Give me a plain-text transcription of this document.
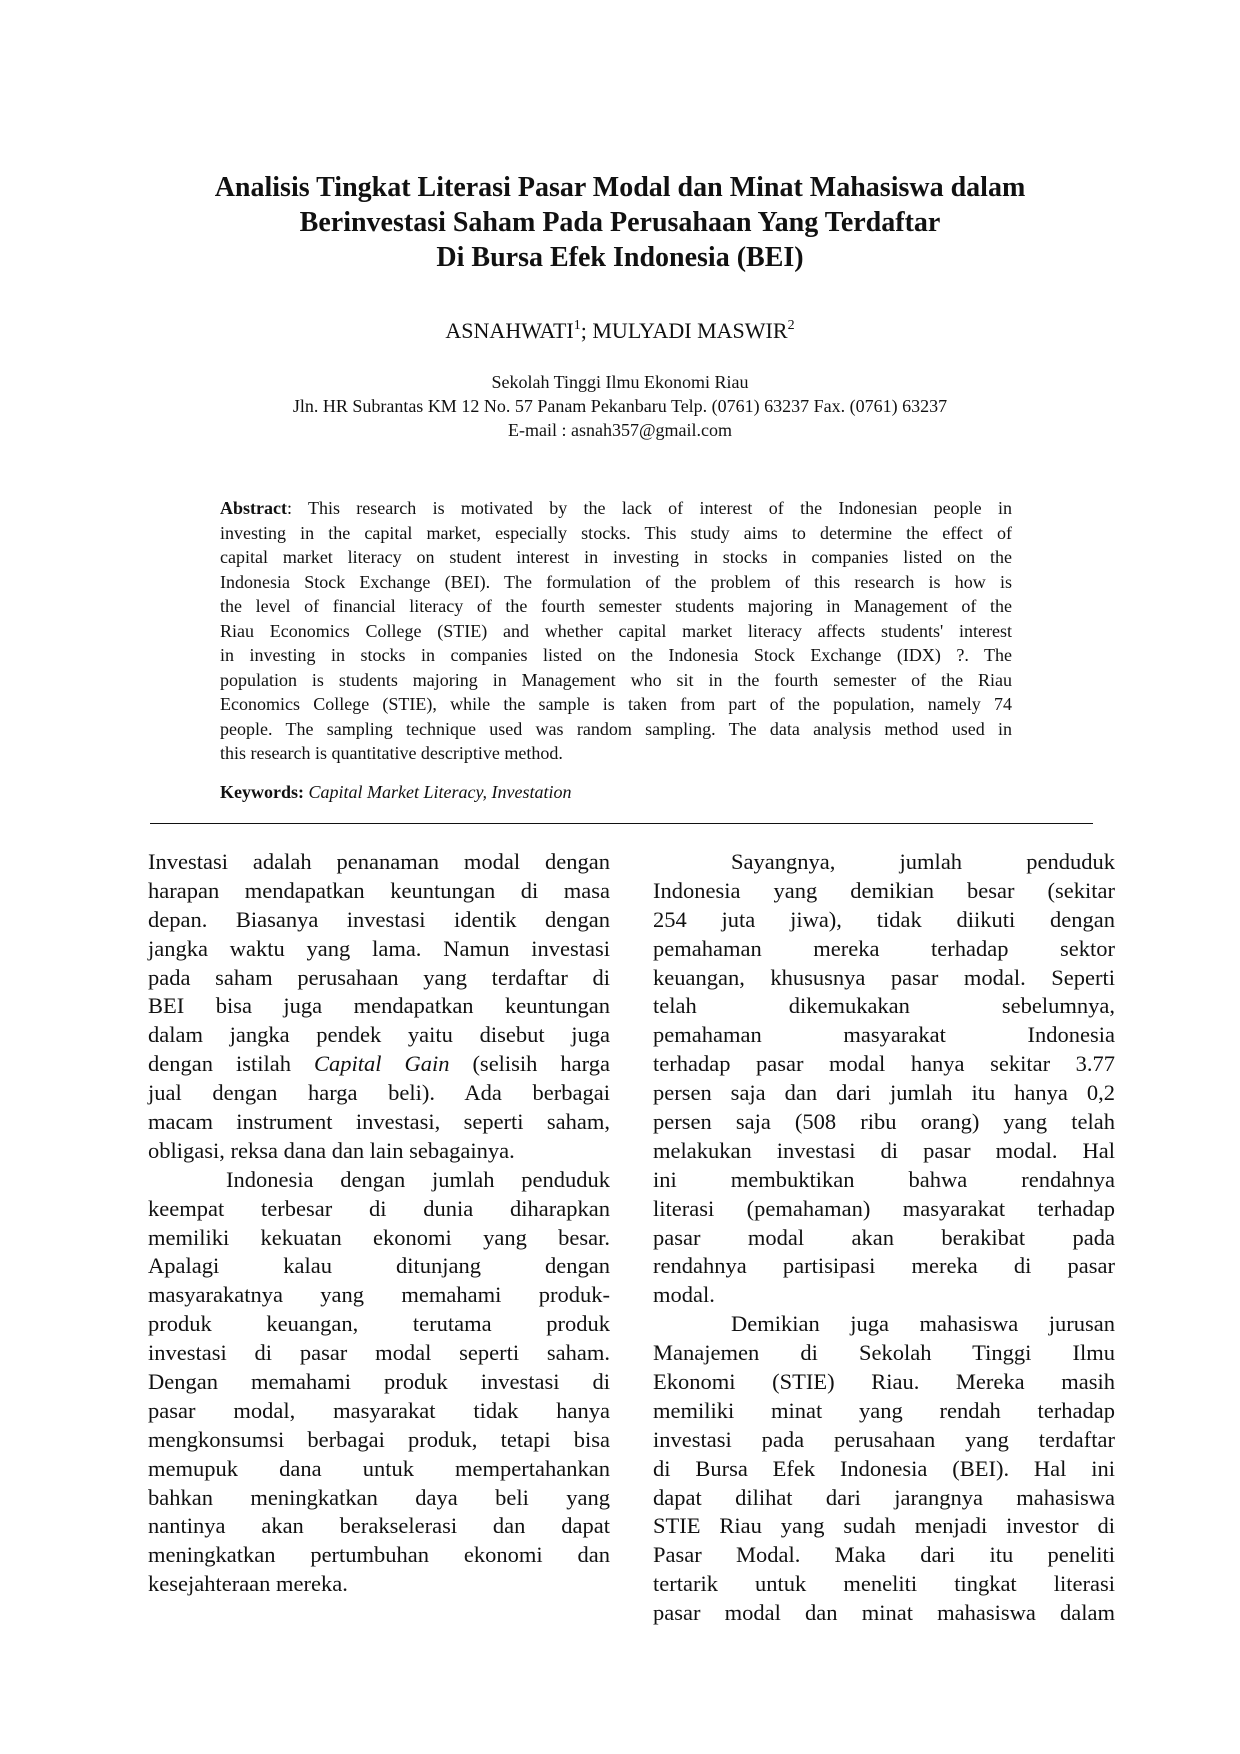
Analisis Tingkat Literasi Pasar Modal dan Minat Mahasiswa dalam
Berinvestasi Saham Pada Perusahaan Yang Terdaftar
Di Bursa Efek Indonesia (BEI)
ASNAHWATI$^1$; MULYADI MASWIR$^2$
Sekolah Tinggi Ilmu Ekonomi Riau
Jln. HR Subrantas KM 12 No. 57 Panam Pekanbaru Telp. (0761) 63237 Fax. (0761) 63237
E-mail : asnah357@gmail.com
Abstract: This research is motivated by the lack of interest of the Indonesian people in
investing in the capital market, especially stocks. This study aims to determine the effect of
capital market literacy on student interest in investing in stocks in companies listed on the
Indonesia Stock Exchange (BEI). The formulation of the problem of this research is how is
the level of financial literacy of the fourth semester students majoring in Management of the
Riau Economics College (STIE) and whether capital market literacy affects students' interest
in investing in stocks in companies listed on the Indonesia Stock Exchange (IDX) ?. The
population is students majoring in Management who sit in the fourth semester of the Riau
Economics College (STIE), while the sample is taken from part of the population, namely 74
people. The sampling technique used was random sampling. The data analysis method used in
this research is quantitative descriptive method.
Keywords: Capital Market Literacy, Investation
Investasi adalah penanaman modal dengan
harapan mendapatkan keuntungan di masa
depan. Biasanya investasi identik dengan
jangka waktu yang lama. Namun investasi
pada saham perusahaan yang terdaftar di
BEI bisa juga mendapatkan keuntungan
dalam jangka pendek yaitu disebut juga
dengan istilah Capital Gain (selisih harga
jual dengan harga beli). Ada berbagai
macam instrument investasi, seperti saham,
obligasi, reksa dana dan lain sebagainya.
Indonesia dengan jumlah penduduk
keempat terbesar di dunia diharapkan
memiliki kekuatan ekonomi yang besar.
Apalagi kalau ditunjang dengan
masyarakatnya yang memahami produk-
produk keuangan, terutama produk
investasi di pasar modal seperti saham.
Dengan memahami produk investasi di
pasar modal, masyarakat tidak hanya
mengkonsumsi berbagai produk, tetapi bisa
memupuk dana untuk mempertahankan
bahkan meningkatkan daya beli yang
nantinya akan berakselerasi dan dapat
meningkatkan pertumbuhan ekonomi dan
kesejahteraan mereka.
Sayangnya, jumlah penduduk
Indonesia yang demikian besar (sekitar
254 juta jiwa), tidak diikuti dengan
pemahaman mereka terhadap sektor
keuangan, khususnya pasar modal. Seperti
telah dikemukakan sebelumnya,
pemahaman masyarakat Indonesia
terhadap pasar modal hanya sekitar 3.77
persen saja dan dari jumlah itu hanya 0,2
persen saja (508 ribu orang) yang telah
melakukan investasi di pasar modal. Hal
ini membuktikan bahwa rendahnya
literasi (pemahaman) masyarakat terhadap
pasar modal akan berakibat pada
rendahnya partisipasi mereka di pasar
modal.
Demikian juga mahasiswa jurusan
Manajemen di Sekolah Tinggi Ilmu
Ekonomi (STIE) Riau. Mereka masih
memiliki minat yang rendah terhadap
investasi pada perusahaan yang terdaftar
di Bursa Efek Indonesia (BEI). Hal ini
dapat dilihat dari jarangnya mahasiswa
STIE Riau yang sudah menjadi investor di
Pasar Modal. Maka dari itu peneliti
tertarik untuk meneliti tingkat literasi
pasar modal dan minat mahasiswa dalam
